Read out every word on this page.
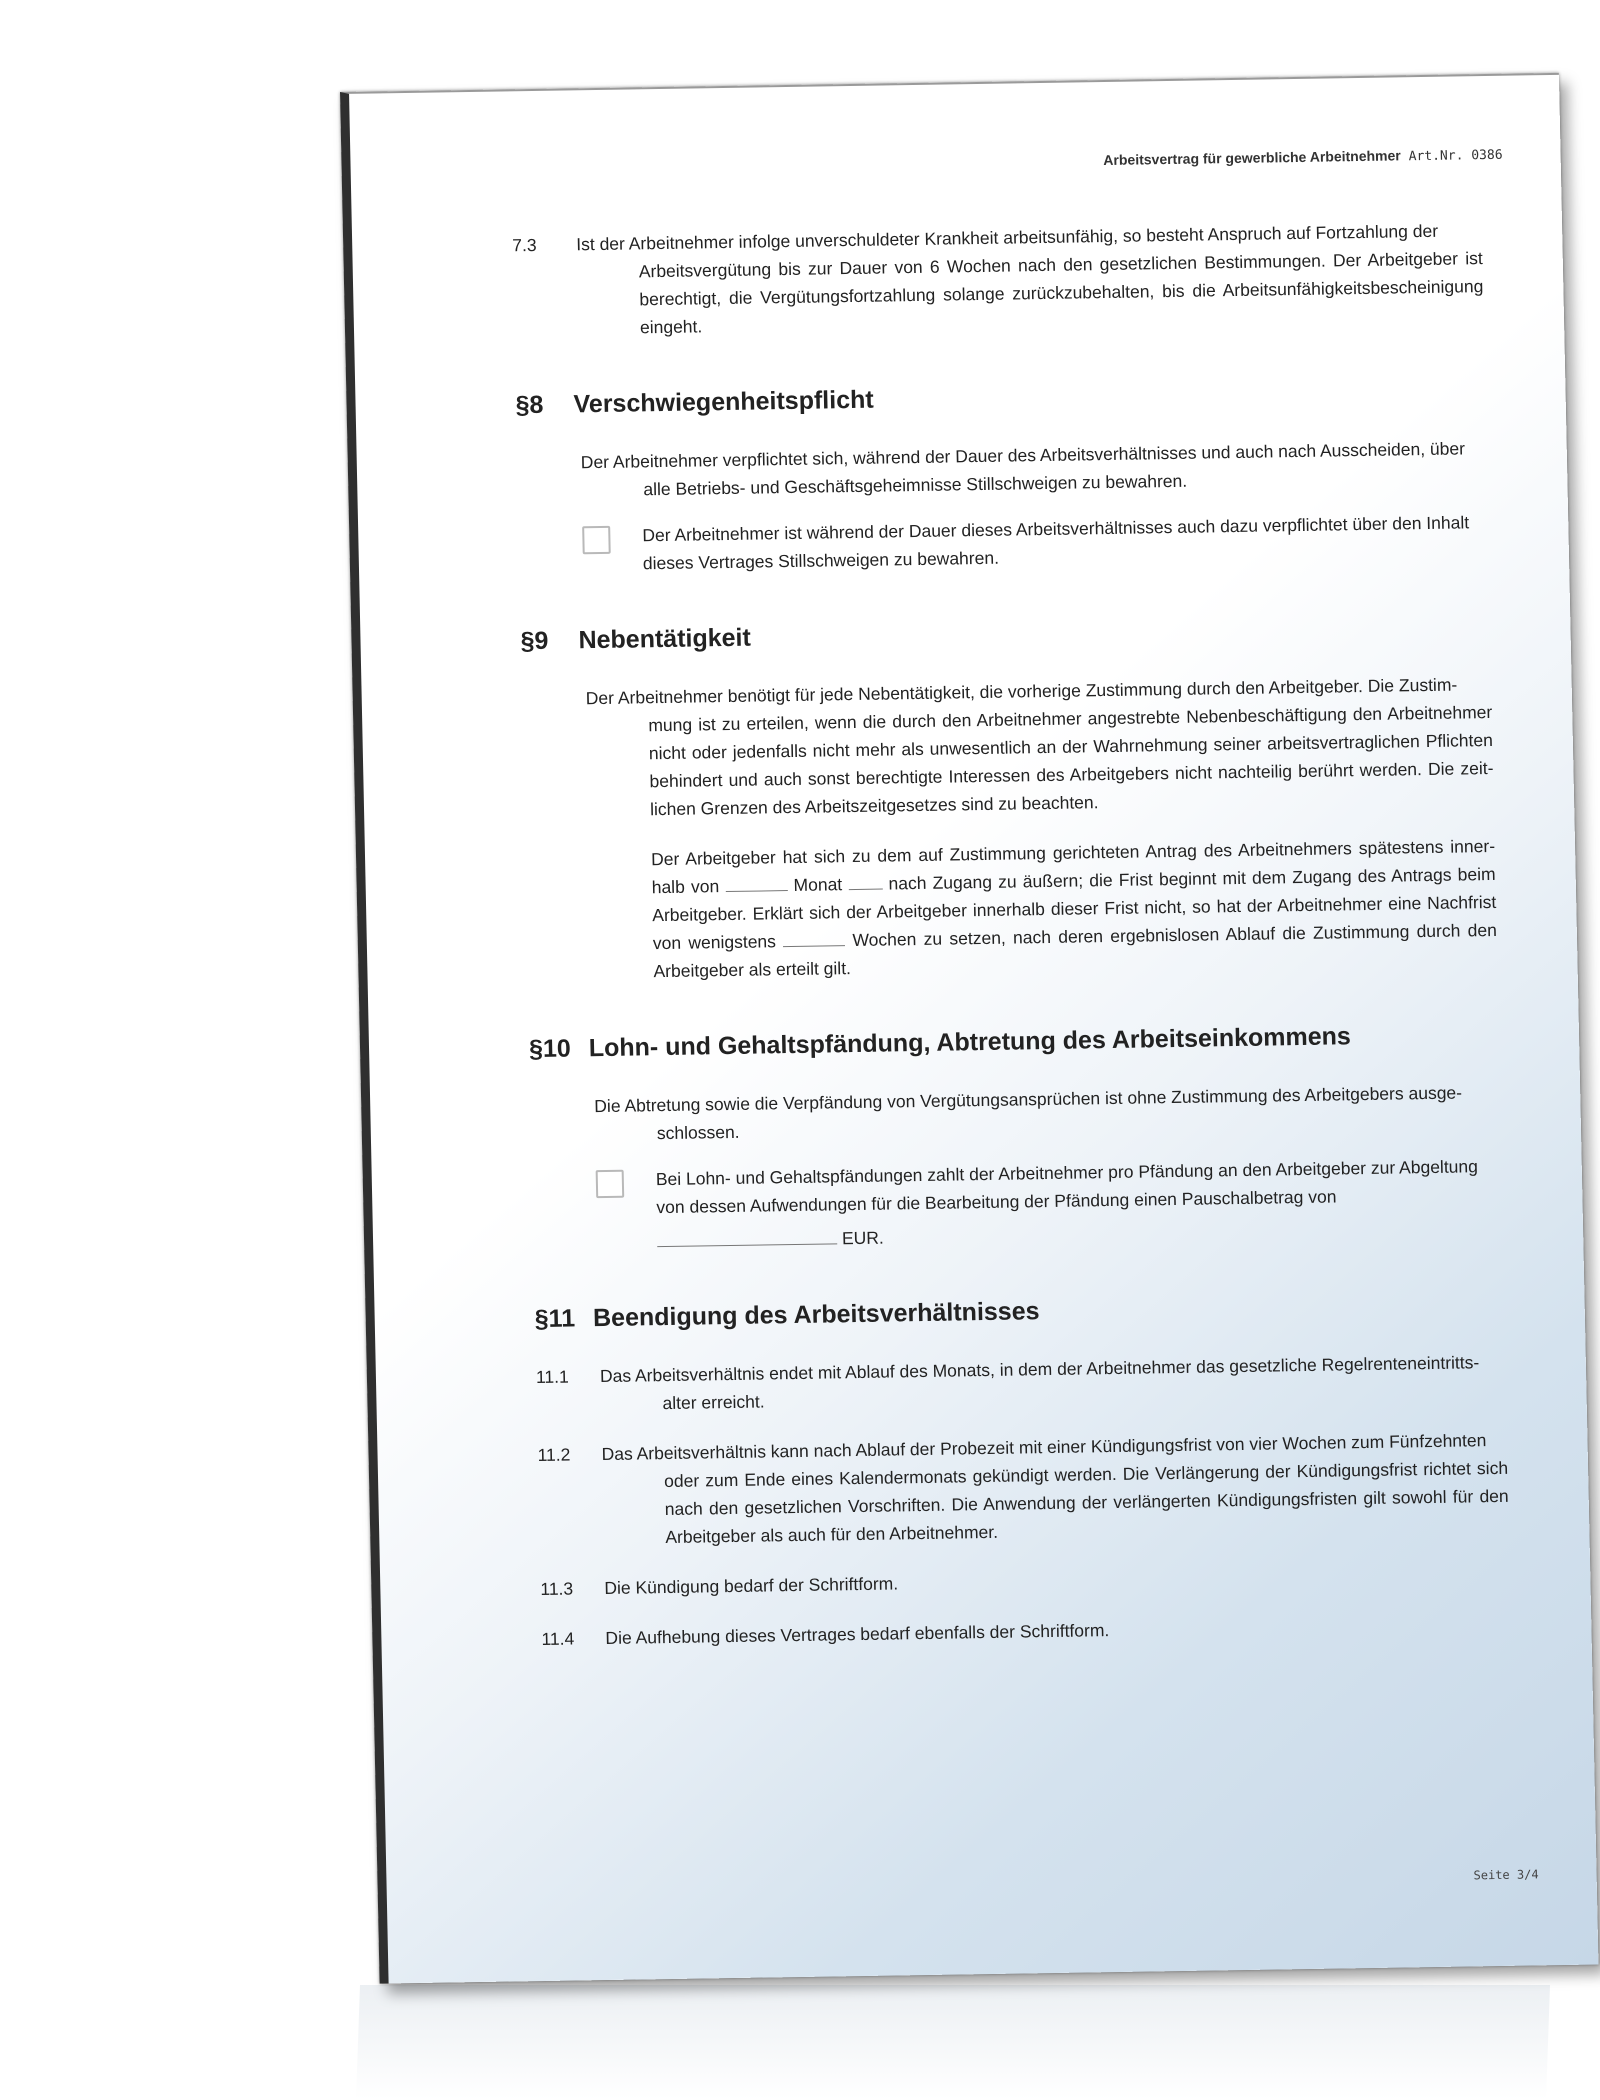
Arbeitsvertrag für gewerbliche Arbeitnehmer Art.Nr. 0386
7.3 Ist der Arbeitnehmer infolge unverschuldeter Krankheit arbeitsunfähig, so besteht Anspruch auf Fortzahlung der
Arbeitsvergütung bis zur Dauer von 6 Wochen nach den gesetzlichen Bestimmungen. Der Arbeitgeber ist berechtigt, die Vergütungsfortzahlung solange zurückzubehalten, bis die Arbeitsunfähigkeitsbescheinigung eingeht.
§8	Verschwiegenheitspflicht
Der Arbeitnehmer verpflichtet sich, während der Dauer des Arbeitsverhältnisses und auch nach Ausscheiden, über
alle Betriebs- und Geschäftsgeheimnisse Stillschweigen zu bewahren.
Der Arbeitnehmer ist während der Dauer dieses Arbeitsverhältnisses auch dazu verpflichtet über den Inhalt dieses Vertrages Stillschweigen zu bewahren.
§9	Nebentätigkeit
Der Arbeitnehmer benötigt für jede Nebentätigkeit, die vorherige Zustimmung durch den Arbeitgeber. Die Zustim-
mung ist zu erteilen, wenn die durch den Arbeitnehmer angestrebte Nebenbeschäftigung den Arbeitnehmer nicht oder jedenfalls nicht mehr als unwesentlich an der Wahrnehmung seiner arbeitsvertraglichen Pflichten behindert und auch sonst berechtigte Interessen des Arbeitgebers nicht nachteilig berührt werden. Die zeit-lichen Grenzen des Arbeitszeitgesetzes sind zu beachten.
Der Arbeitgeber hat sich zu dem auf Zustimmung gerichteten Antrag des Arbeitnehmers spätestens inner-halb von	Monat	nach Zugang zu äußern; die Frist beginnt mit dem Zugang des Antrags beim Arbeitgeber. Erklärt sich der Arbeitgeber innerhalb dieser Frist nicht, so hat der Arbeitnehmer eine Nachfrist von wenigstens	Wochen zu setzen, nach deren ergebnislosen Ablauf die Zustimmung durch den Arbeitgeber als erteilt gilt.
§10 Lohn- und Gehaltspfändung, Abtretung des Arbeitseinkommens
Die Abtretung sowie die Verpfändung von Vergütungsansprüchen ist ohne Zustimmung des Arbeitgebers ausge-
schlossen.
Bei Lohn- und Gehaltspfändungen zahlt der Arbeitnehmer pro Pfändung an den Arbeitgeber zur Abgeltung von dessen Aufwendungen für die Bearbeitung der Pfändung einen Pauschalbetrag von
EUR.
§11 Beendigung des Arbeitsverhältnisses
11.1 Das Arbeitsverhältnis endet mit Ablauf des Monats, in dem der Arbeitnehmer das gesetzliche Regelrenteneintritts-
alter erreicht.
11.2 Das Arbeitsverhältnis kann nach Ablauf der Probezeit mit einer Kündigungsfrist von vier Wochen zum Fünfzehnten
oder zum Ende eines Kalendermonats gekündigt werden. Die Verlängerung der Kündigungsfrist richtet sich nach den gesetzlichen Vorschriften. Die Anwendung der verlängerten Kündigungsfristen gilt sowohl für den Arbeitgeber als auch für den Arbeitnehmer.
11.3 Die Kündigung bedarf der Schriftform.
11.4 Die Aufhebung dieses Vertrages bedarf ebenfalls der Schriftform.
Seite 3/4
